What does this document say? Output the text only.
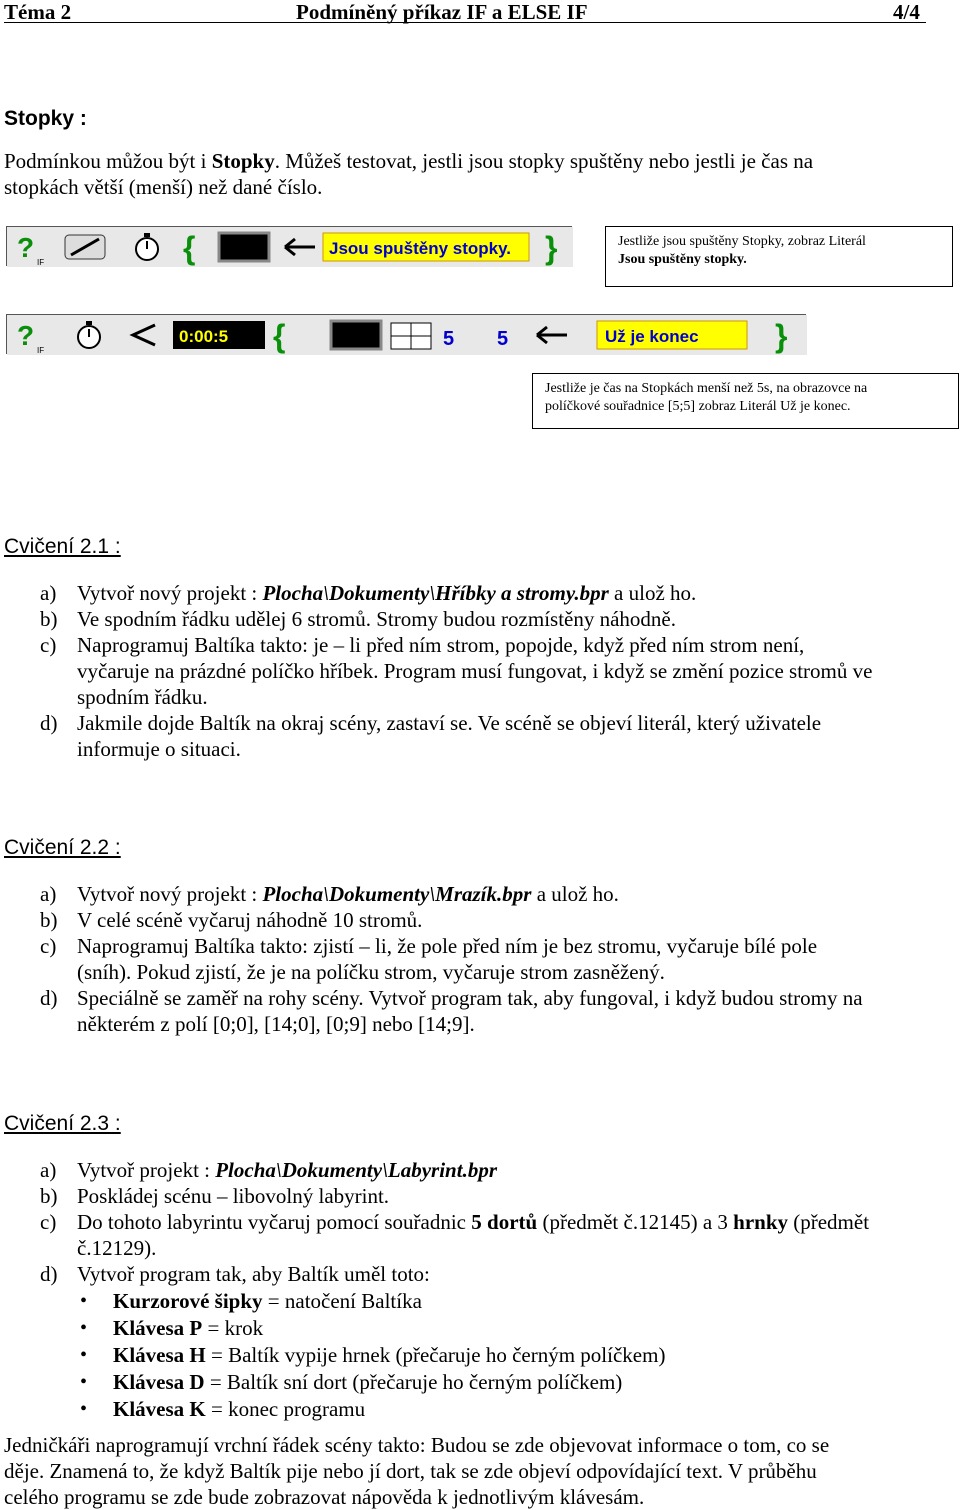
Téma 2	Podmíněný příkaz IF a ELSE IF	4/4
Stopky :
Podmínkou můžou být i Stopky. Můžeš testovat, jestli jsou stopky spuštěny nebo jestli je čas na
stopkách větší (menší) než dané číslo.
? IF	{	Jsou spuštěny stopky. }	Jestliže jsou spuštěny Stopky, zobraz Literál
Jsou spuštěny stopky.
? IF
0:00:5 {	5 5	Už je konec }
Jestliže je čas na Stopkách menší než 5s, na obrazovce na
políčkové souřadnice [5;5] zobraz Literál Už je konec.
Cvičení 2.1 :
a) Vytvoř nový projekt : Plocha\Dokumenty\Hříbky a stromy.bpr a ulož ho.
b) Ve spodním řádku udělej 6 stromů. Stromy budou rozmístěny náhodně.
c) Naprogramuj Baltíka takto: je – li před ním strom, popojde, když před ním strom není,
vyčaruje na prázdné políčko hříbek. Program musí fungovat, i když se změní pozice stromů ve
spodním řádku.
d) Jakmile dojde Baltík na okraj scény, zastaví se. Ve scéně se objeví literál, který uživatele
informuje o situaci.
Cvičení 2.2 :
a) Vytvoř nový projekt : Plocha\Dokumenty\Mrazík.bpr a ulož ho.
b) V celé scéně vyčaruj náhodně 10 stromů.
c) Naprogramuj Baltíka takto: zjistí – li, že pole před ním je bez stromu, vyčaruje bílé pole
(sníh). Pokud zjistí, že je na políčku strom, vyčaruje strom zasněžený.
d) Speciálně se zaměř na rohy scény. Vytvoř program tak, aby fungoval, i když budou stromy na
některém z polí [0;0], [14;0], [0;9] nebo [14;9].
Cvičení 2.3 :
a) Vytvoř projekt : Plocha\Dokumenty\Labyrint.bpr
b) Poskládej scénu – libovolný labyrint.
c) Do tohoto labyrintu vyčaruj pomocí souřadnic 5 dortů (předmět č.12145) a 3 hrnky (předmět
č.12129).
d) Vytvoř program tak, aby Baltík uměl toto:
• Kurzorové šipky = natočení Baltíka
• Klávesa P = krok
• Klávesa H = Baltík vypije hrnek (přečaruje ho černým políčkem)
• Klávesa D = Baltík sní dort (přečaruje ho černým políčkem)
• Klávesa K = konec programu
Jedničkáři naprogramují vrchní řádek scény takto: Budou se zde objevovat informace o tom, co se
děje. Znamená to, že když Baltík pije nebo jí dort, tak se zde objeví odpovídající text. V průběhu
celého programu se zde bude zobrazovat nápověda k jednotlivým klávesám.
